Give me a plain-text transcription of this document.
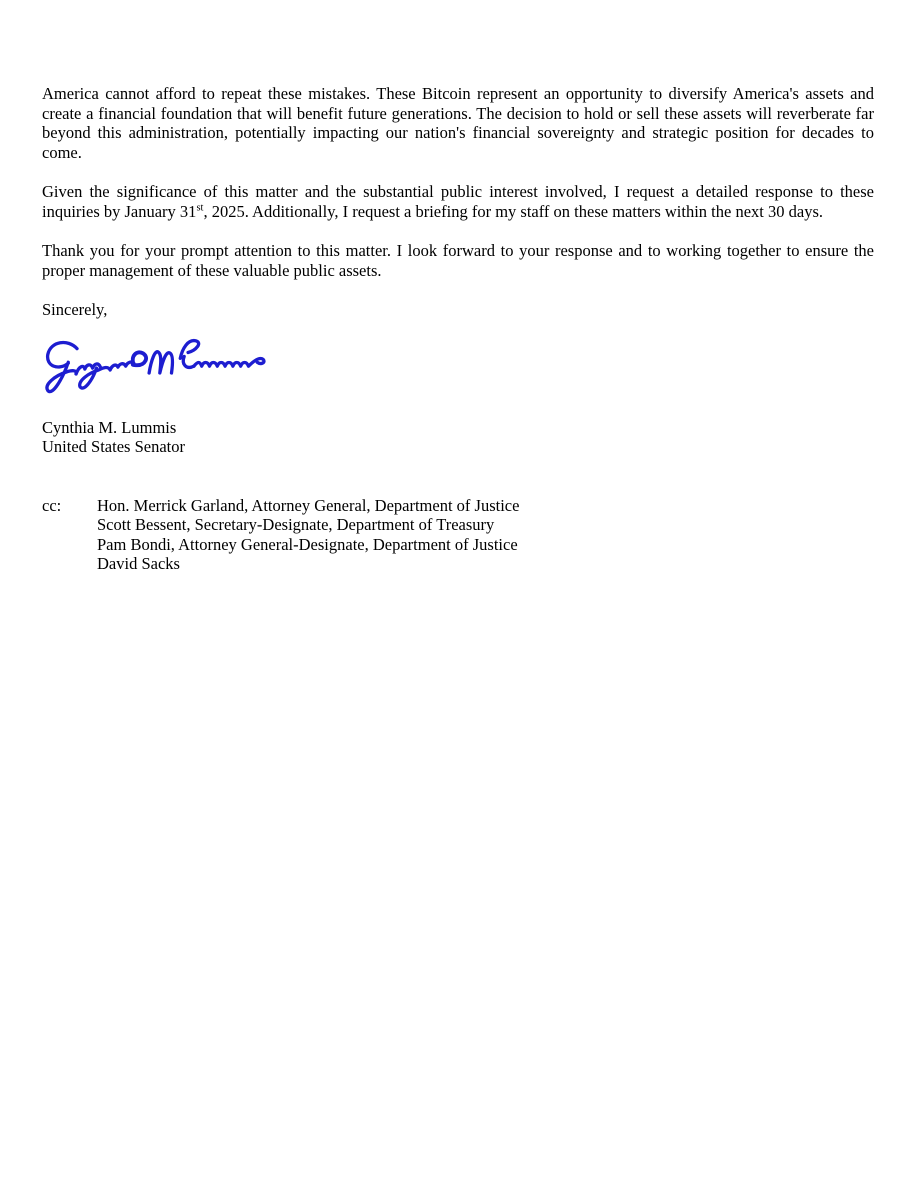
America cannot afford to repeat these mistakes. These Bitcoin represent an opportunity to diversify America's assets and create a financial foundation that will benefit future generations. The decision to hold or sell these assets will reverberate far beyond this administration, potentially impacting our nation's financial sovereignty and strategic position for decades to come.

Given the significance of this matter and the substantial public interest involved, I request a detailed response to these inquiries by January 31st, 2025. Additionally, I request a briefing for my staff on these matters within the next 30 days.

Thank you for your prompt attention to this matter. I look forward to your response and to working together to ensure the proper management of these valuable public assets.

Sincerely,
Cynthia M. Lummis
United States Senator
cc:	Hon. Merrick Garland, Attorney General, Department of Justice
Scott Bessent, Secretary-Designate, Department of Treasury
Pam Bondi, Attorney General-Designate, Department of Justice
David Sacks
